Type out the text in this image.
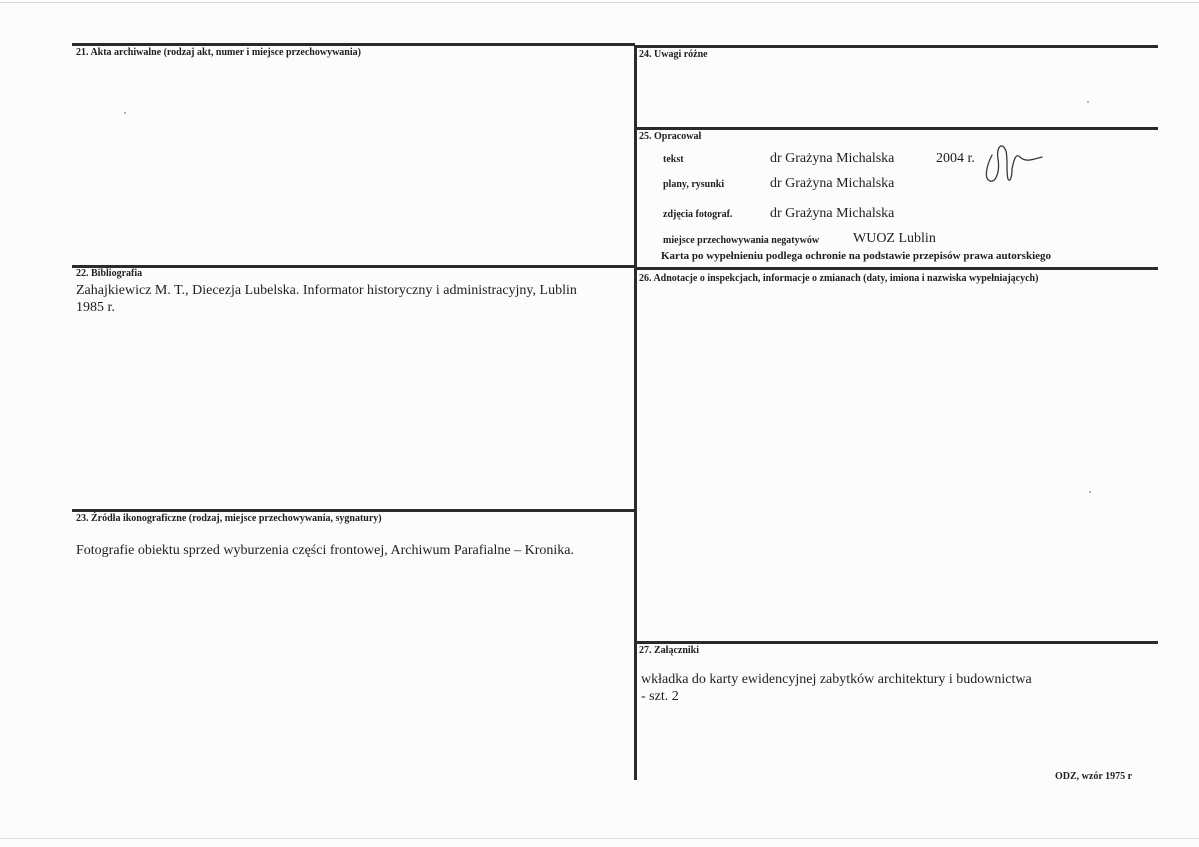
21. Akta archiwalne (rodzaj akt, numer i miejsce przechowywania)
22. Bibliografia
Zahajkiewicz M. T., Diecezja Lubelska. Informator historyczny i administracyjny, Lublin 1985 r.
23. Źródła ikonograficzne (rodzaj, miejsce przechowywania, sygnatury)
Fotografie obiektu sprzed wyburzenia części frontowej, Archiwum Parafialne – Kronika.
24. Uwagi różne
25. Opracował
tekst	dr Grażyna Michalska	2004 r.
plany, rysunki	dr Grażyna Michalska
zdjęcia fotograf.	dr Grażyna Michalska
miejsce przechowywania negatywów WUOZ Lublin
Karta po wypełnieniu podlega ochronie na podstawie przepisów prawa autorskiego
26. Adnotacje o inspekcjach, informacje o zmianach (daty, imiona i nazwiska wypełniających)
27. Załączniki
wkładka do karty ewidencyjnej zabytków architektury i budownictwa
- szt. 2
ODZ, wzór 1975 r
